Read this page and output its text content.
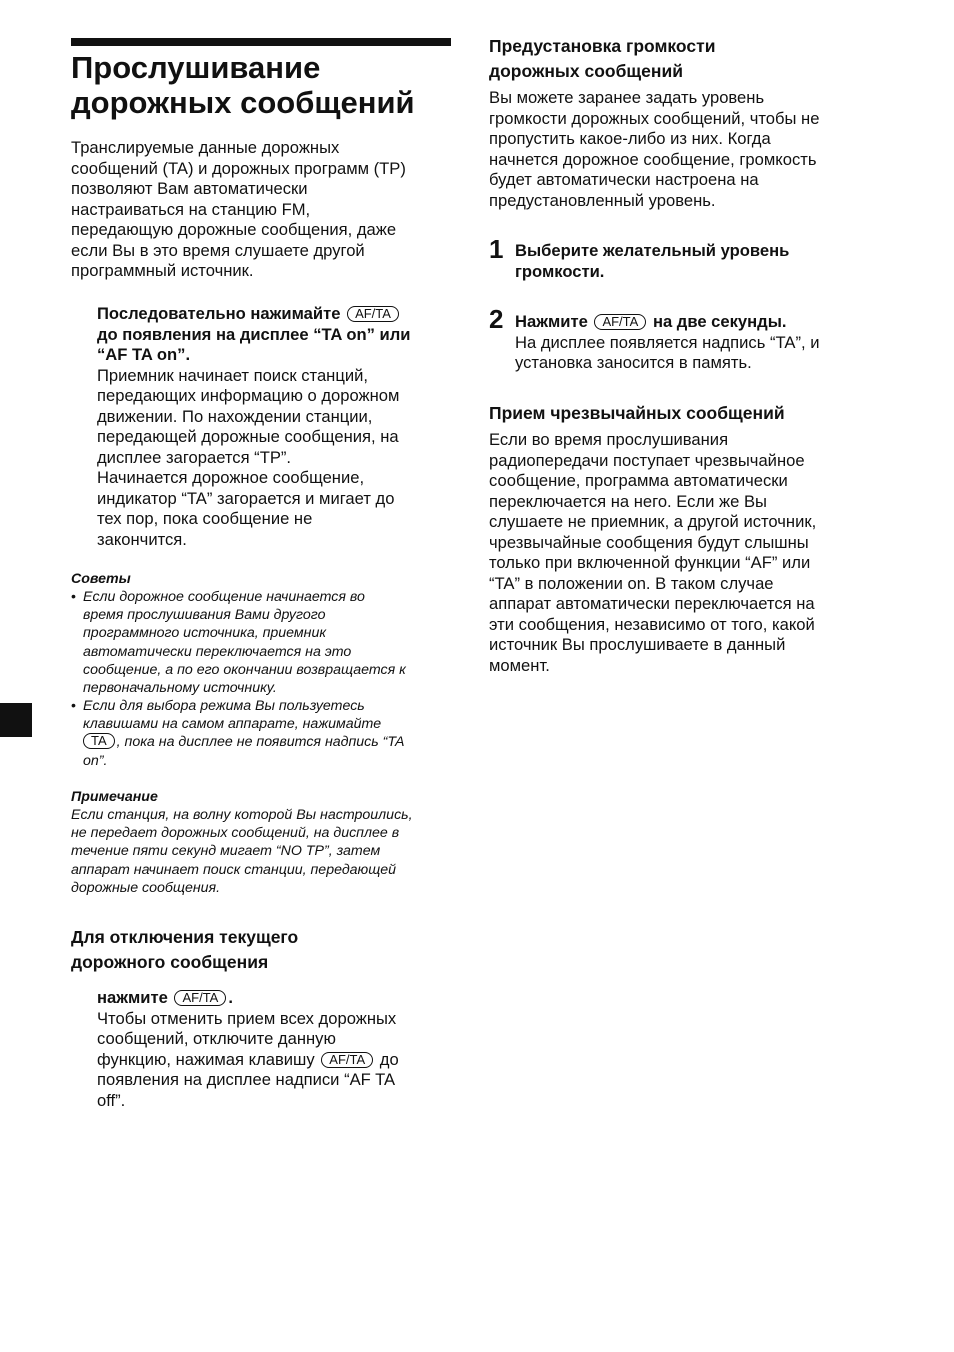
Прослушивание
дорожных сообщений
Транслируемые данные дорожных
сообщений (TA) и дорожных программ (TP)
позволяют Вам автоматически
настраиваться на станцию FM,
передающую дорожные сообщения, даже
если Вы в это время слушаете другой
программный источник.
Последовательно нажимайте AF/TA
до появления на дисплее “TA on” или
“AF TA on”.
Приемник начинает поиск станций,
передающих информацию о дорожном
движении. По нахождении станции,
передающей дорожные сообщения, на
дисплее загорается “TP”.
Начинается дорожное сообщение,
индикатор “TA” загорается и мигает до
тех пор, пока сообщение не
закончится.
Советы
• Если дорожное сообщение начинается во
время прослушивания Вами другого
программного источника, приемник
автоматически переключается на это
сообщение, а по его окончании возвращается к
первоначальному источнику.
• Если для выбора режима Вы пользуетесь
клавишами на самом аппарате, нажимайте
TA , пока на дисплее не появится надпись “TA
on”.
Примечание
Если станция, на волну которой Вы настроились,
не передает дорожных сообщений, на дисплее в
течение пяти секунд мигает “NO TP”, затем
аппарат начинает поиск станции, передающей
дорожные сообщения.
Для отключения текущего
дорожного сообщения
нажмите AF/TA .
Чтобы отменить прием всех дорожных
сообщений, отключите данную
функцию, нажимая клавишу AF/TA до
появления на дисплее надписи “AF TA
off”.
Предустановка громкости
дорожных сообщений
Вы можете заранее задать уровень
громкости дорожных сообщений, чтобы не
пропустить какое-либо из них. Когда
начнется дорожное сообщение, громкость
будет автоматически настроена на
предустановленный уровень.
1 Выберите желательный уровень
громкости.
2 Нажмите AF/TA на две секунды.
На дисплее появляется надпись “TA”, и
установка заносится в память.
Прием чрезвычайных сообщений
Если во время прослушивания
радиопередачи поступает чрезвычайное
сообщение, программа автоматически
переключается на него. Если же Вы
слушаете не приемник, а другой источник,
чрезвычайные сообщения будут слышны
только при включенной функции “AF” или
“TA” в положении on. В таком случае
аппарат автоматически переключается на
эти сообщения, независимо от того, какой
источник Вы прослушиваете в данный
момент.
